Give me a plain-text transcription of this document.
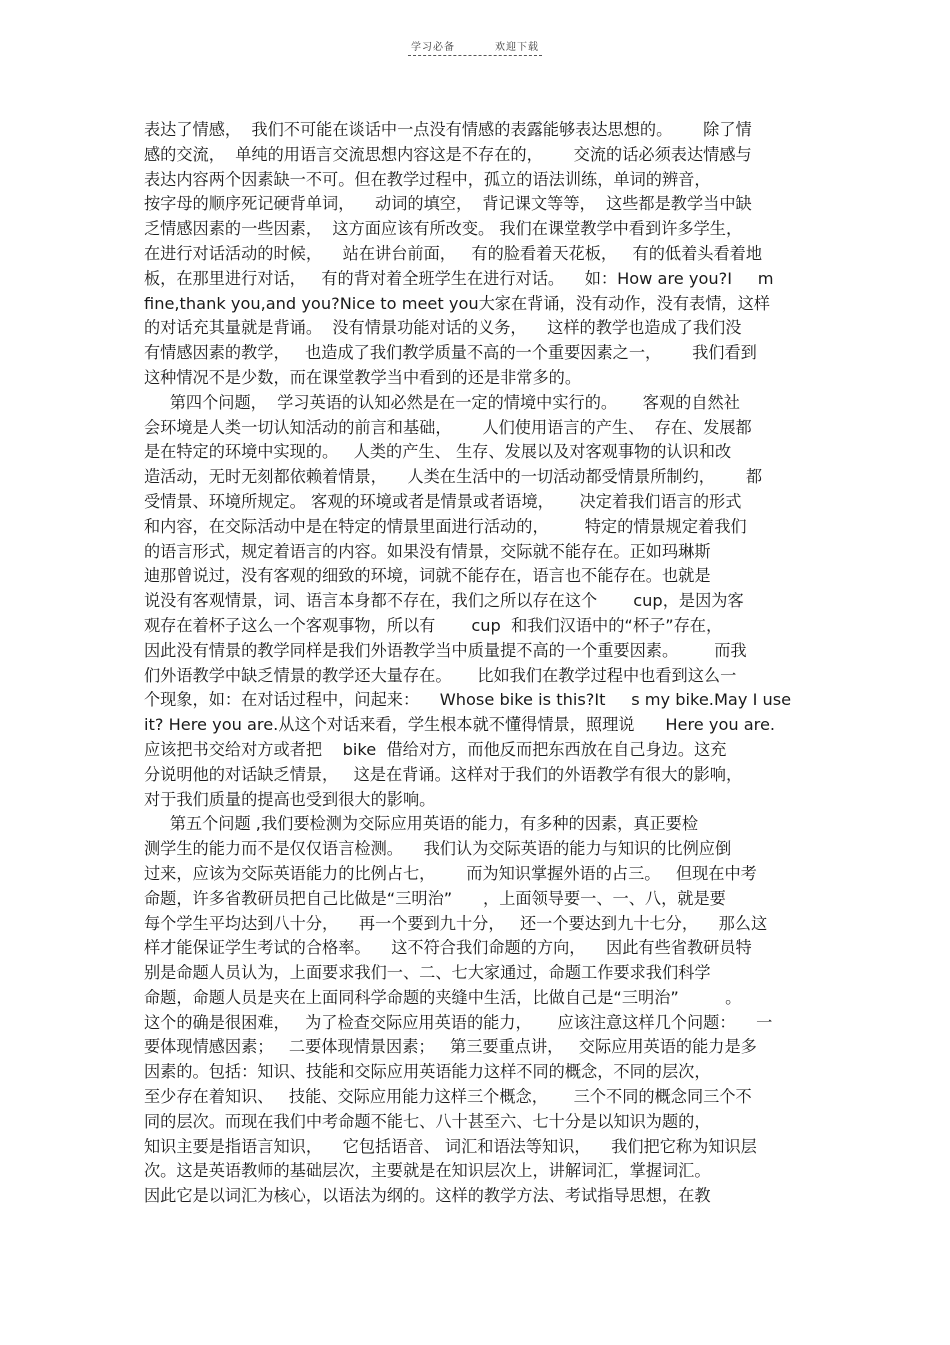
学习必备	欢迎下载
表达了情感，  我们不可能在谈话中一点没有情感的表露能够表达思想的。      除了情
感的交流，  单纯的用语言交流思想内容这是不存在的，      交流的话必须表达情感与
表达内容两个因素缺一不可。但在教学过程中，孤立的语法训练，单词的辨音，
按字母的顺序死记硬背单词，    动词的填空，  背记课文等等，  这些都是教学当中缺
乏情感因素的一些因素，  这方面应该有所改变。 我们在课堂教学中看到许多学生，
在进行对话活动的时候，    站在讲台前面，   有的脸看着天花板，   有的低着头看着地
板，在那里进行对话，   有的背对着全班学生在进行对话。    如：How are you?I     m
fine,thank you,and you?Nice to meet you大家在背诵，没有动作，没有表情，这样
的对话充其量就是背诵。  没有情景功能对话的义务，    这样的教学也造成了我们没
有情感因素的教学，   也造成了我们教学质量不高的一个重要因素之一，      我们看到
这种情况不是少数，而在课堂教学当中看到的还是非常多的。
第四个问题，  学习英语的认知必然是在一定的情境中实行的。     客观的自然社
会环境是人类一切认知活动的前言和基础，      人们使用语言的产生、  存在、发展都
是在特定的环境中实现的。   人类的产生、 生存、发展以及对客观事物的认识和改
造活动，无时无刻都依赖着情景，    人类在生活中的一切活动都受情景所制约，      都
受情景、环境所规定。 客观的环境或者是情景或者语境，     决定着我们语言的形式
和内容，在交际活动中是在特定的情景里面进行活动的，       特定的情景规定着我们
的语言形式，规定着语言的内容。如果没有情景，交际就不能存在。正如玛琳斯
迪那曾说过，没有客观的细致的环境，词就不能存在，语言也不能存在。也就是
说没有客观情景，词、语言本身都不存在，我们之所以存在这个       cup，是因为客
观存在着杯子这么一个客观事物，所以有       cup  和我们汉语中的“杯子”存在，
因此没有情景的教学同样是我们外语教学当中质量提不高的一个重要因素。       而我
们外语教学中缺乏情景的教学还大量存在。     比如我们在教学过程中也看到这么一
个现象，如：在对话过程中，问起来：    Whose bike is this?It     s my bike.May I use
it? Here you are.从这个对话来看，学生根本就不懂得情景，照理说      Here you are.
应该把书交给对方或者把    bike  借给对方，而他反而把东西放在自己身边。这充
分说明他的对话缺乏情景，   这是在背诵。这样对于我们的外语教学有很大的影响，
对于我们质量的提高也受到很大的影响。
第五个问题 ,我们要检测为交际应用英语的能力，有多种的因素，真正要检
测学生的能力而不是仅仅语言检测。    我们认为交际英语的能力与知识的比例应倒
过来，应该为交际英语能力的比例占七，      而为知识掌握外语的占三。   但现在中考
命题，许多省教研员把自己比做是“三明治”      ，上面领导要一、一、八，就是要
每个学生平均达到八十分，    再一个要到九十分，   还一个要达到九十七分，    那么这
样才能保证学生考试的合格率。    这不符合我们命题的方向，    因此有些省教研员特
别是命题人员认为，上面要求我们一、二、七大家通过，命题工作要求我们科学
命题，命题人员是夹在上面同科学命题的夹缝中生活，比做自己是“三明治”         。
这个的确是很困难，   为了检查交际应用英语的能力，     应该注意这样几个问题：    一
要体现情感因素；   二要体现情景因素；   第三要重点讲，   交际应用英语的能力是多
因素的。包括：知识、技能和交际应用英语能力这样不同的概念，不同的层次，
至少存在着知识、   技能、交际应用能力这样三个概念，     三个不同的概念同三个不
同的层次。而现在我们中考命题不能七、八十甚至六、七十分是以知识为题的，
知识主要是指语言知识，    它包括语音、 词汇和语法等知识，    我们把它称为知识层
次。这是英语教师的基础层次，主要就是在知识层次上，讲解词汇，掌握词汇。
因此它是以词汇为核心，以语法为纲的。这样的教学方法、考试指导思想，在教
